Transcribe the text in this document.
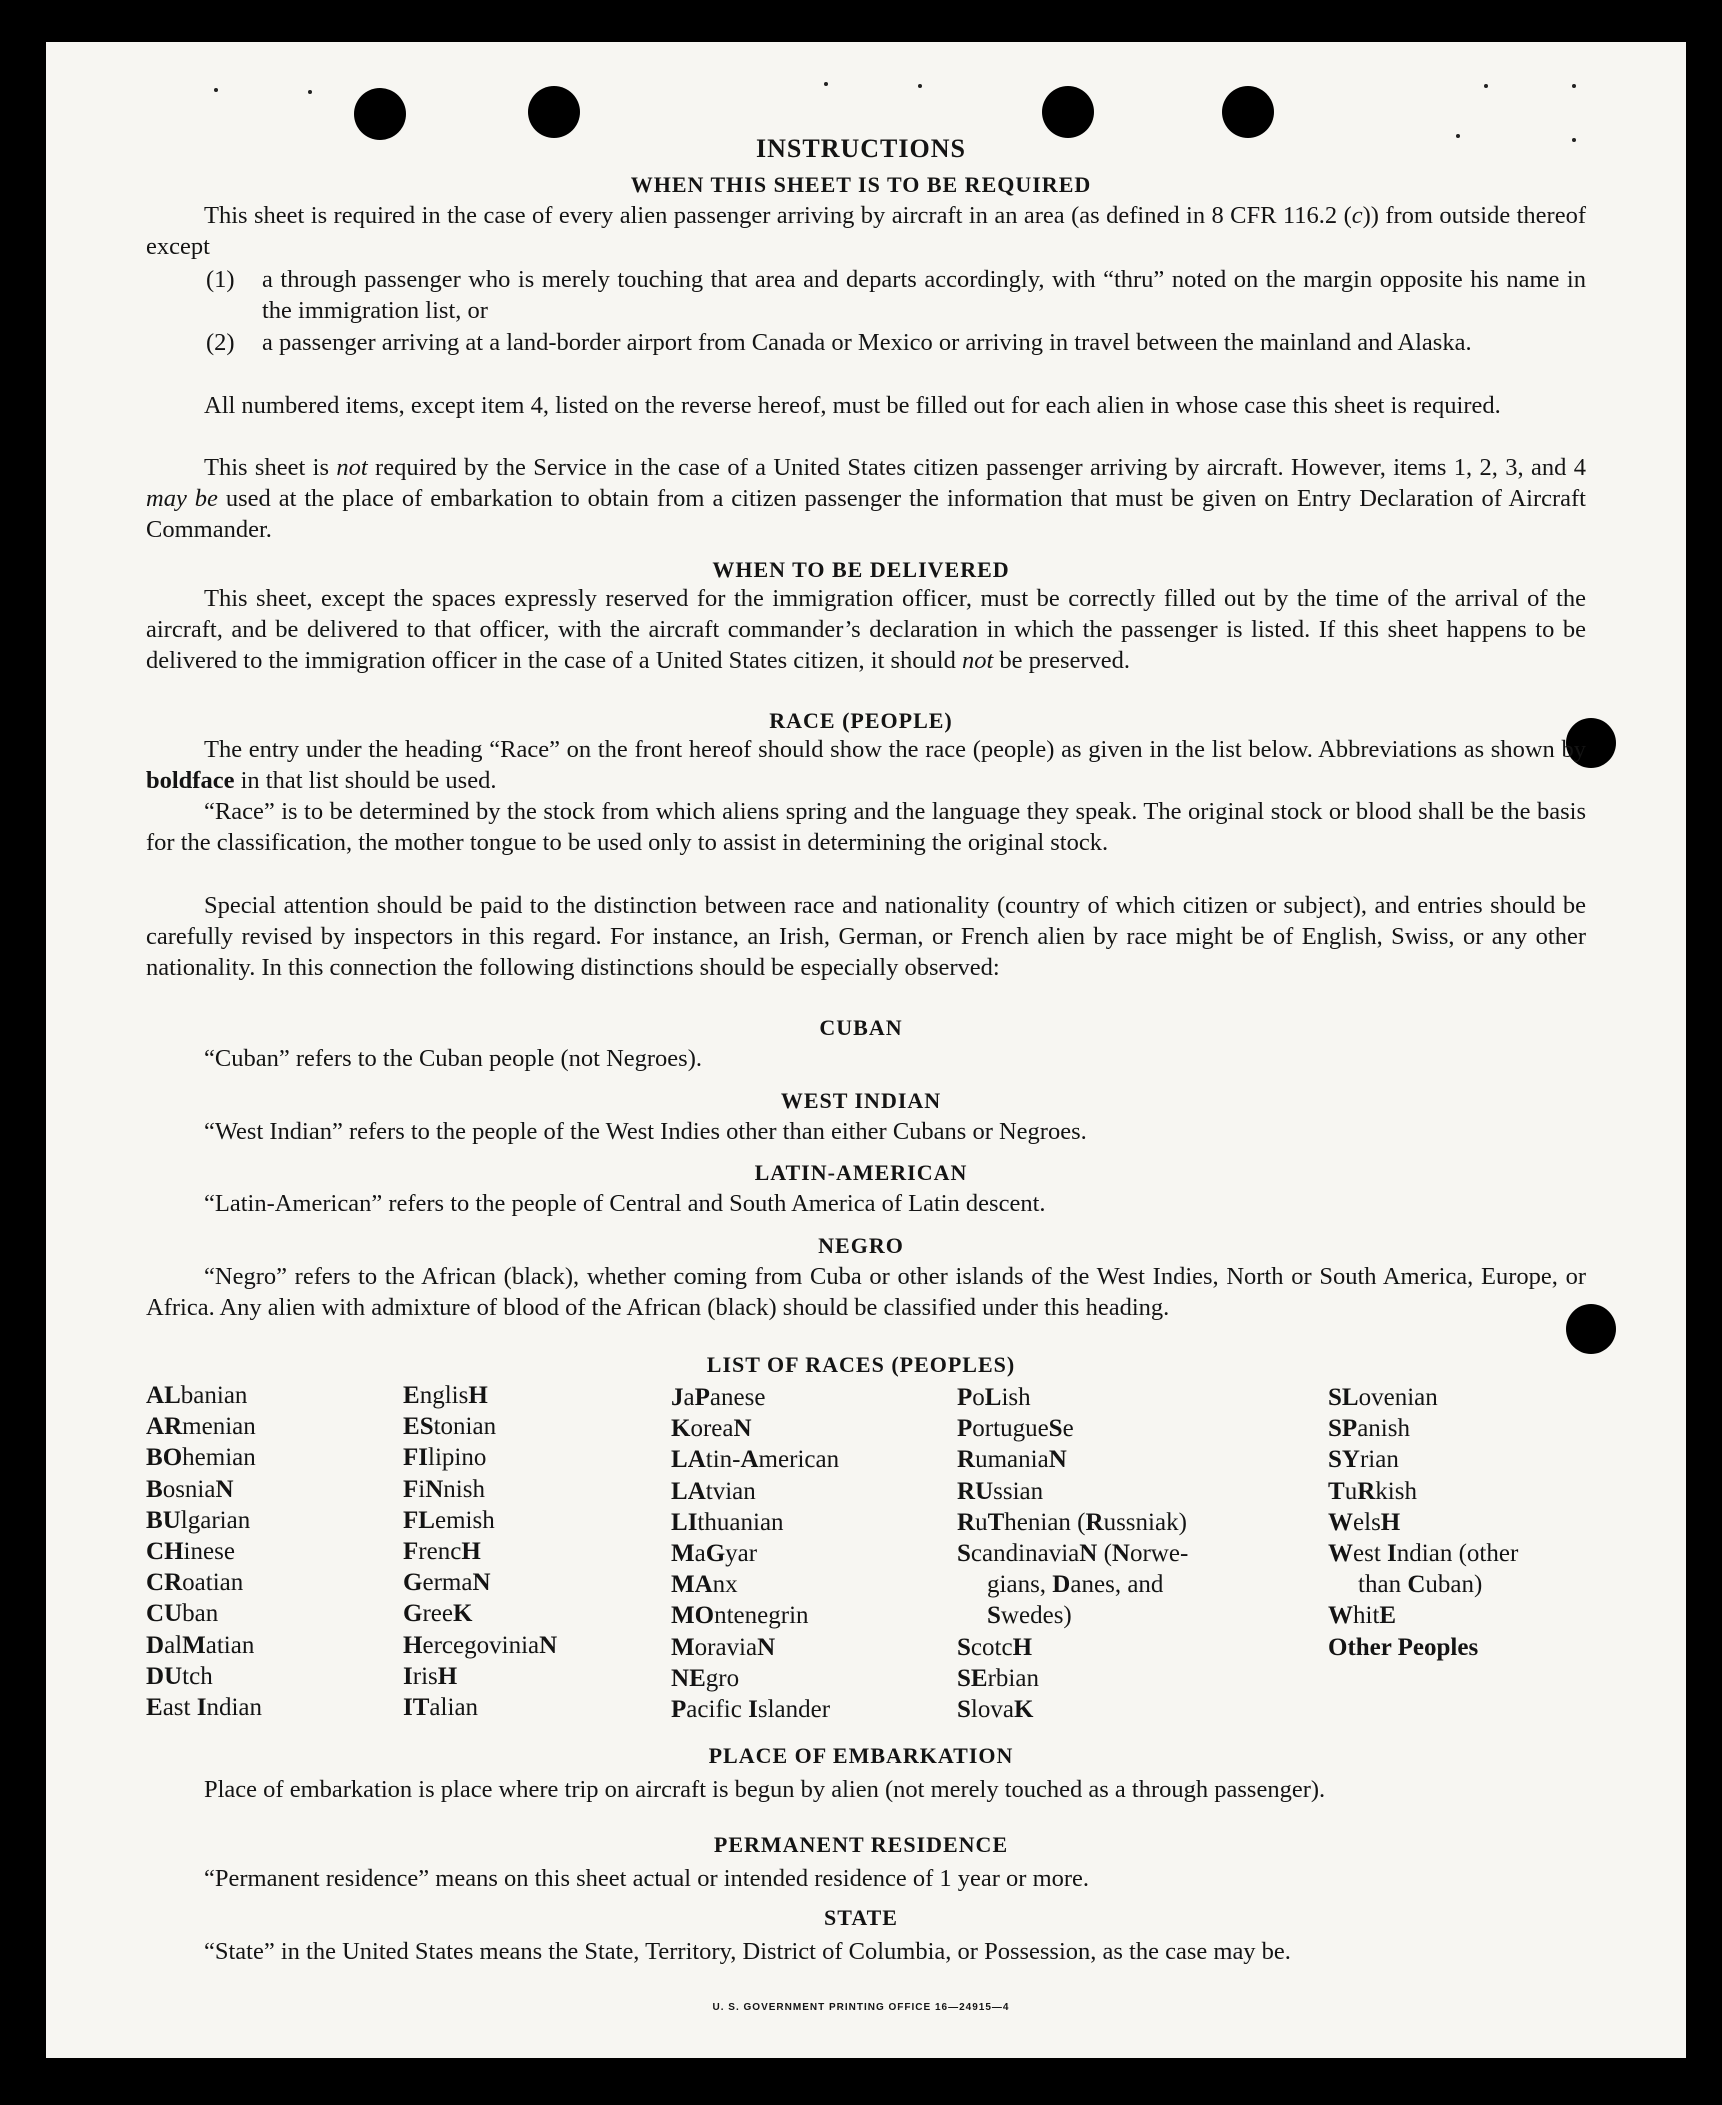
INSTRUCTIONS
WHEN THIS SHEET IS TO BE REQUIRED

This sheet is required in the case of every alien passenger arriving by aircraft in an area (as defined in 8 CFR 116.2 (c)) from outside thereof except

(1) a through passenger who is merely touching that area and departs accordingly, with “thru” noted on the margin opposite his name in the immigration list, or

(2) a passenger arriving at a land-border airport from Canada or Mexico or arriving in travel between the mainland and Alaska.

All numbered items, except item 4, listed on the reverse hereof, must be filled out for each alien in whose case this sheet is required.

This sheet is not required by the Service in the case of a United States citizen passenger arriving by aircraft. However, items 1, 2, 3, and 4 may be used at the place of embarkation to obtain from a citizen passenger the information that must be given on Entry Declaration of Aircraft Commander.

WHEN TO BE DELIVERED

This sheet, except the spaces expressly reserved for the immigration officer, must be correctly filled out by the time of the arrival of the aircraft, and be delivered to that officer, with the aircraft commander’s declaration in which the passenger is listed. If this sheet happens to be delivered to the immigration officer in the case of a United States citizen, it should not be preserved.

RACE (PEOPLE)

The entry under the heading “Race” on the front hereof should show the race (people) as given in the list below. Abbreviations as shown by boldface in that list should be used.

“Race” is to be determined by the stock from which aliens spring and the language they speak. The original stock or blood shall be the basis for the classification, the mother tongue to be used only to assist in determining the original stock.

Special attention should be paid to the distinction between race and nationality (country of which citizen or subject), and entries should be carefully revised by inspectors in this regard. For instance, an Irish, German, or French alien by race might be of English, Swiss, or any other nationality. In this connection the following distinctions should be especially observed:

CUBAN

“Cuban” refers to the Cuban people (not Negroes).

WEST INDIAN

“West Indian” refers to the people of the West Indies other than either Cubans or Negroes.

LATIN-AMERICAN

“Latin-American” refers to the people of Central and South America of Latin descent.

NEGRO

“Negro” refers to the African (black), whether coming from Cuba or other islands of the West Indies, North or South America, Europe, or Africa. Any alien with admixture of blood of the African (black) should be classified under this heading.

LIST OF RACES (PEOPLES)
ALbanian
ARmenian
BOhemian
BosniaN
BUlgarian
CHinese
CRoatian
CUban
DalMatian
DUtch
East Indian
EnglisH
EStonian
FIlipino
FiNnish
FLemish
FrencH
GermaN
GreeK
HercegoviniaN
IrisH
ITalian
JaPanese
KoreaN
LAtin-American
LAtvian
LIthuanian
MaGyar
MAnx
MOntenegrin
MoraviaN
NEgro
Pacific Islander
PoLish
PortugueSe
RumaniaN
RUssian
RuThenian (Russniak)
ScandinaviaN (Norwe-
gians, Danes, and
Swedes)
ScotcH
SErbian
SlovaK
SLovenian
SPanish
SYrian
TuRkish
WelsH
West Indian (other
than Cuban)
WhitE
Other Peoples
PLACE OF EMBARKATION

Place of embarkation is place where trip on aircraft is begun by alien (not merely touched as a through passenger).

PERMANENT RESIDENCE

“Permanent residence” means on this sheet actual or intended residence of 1 year or more.

STATE

“State” in the United States means the State, Territory, District of Columbia, or Possession, as the case may be.

U. S. GOVERNMENT PRINTING OFFICE 16—24915—4
